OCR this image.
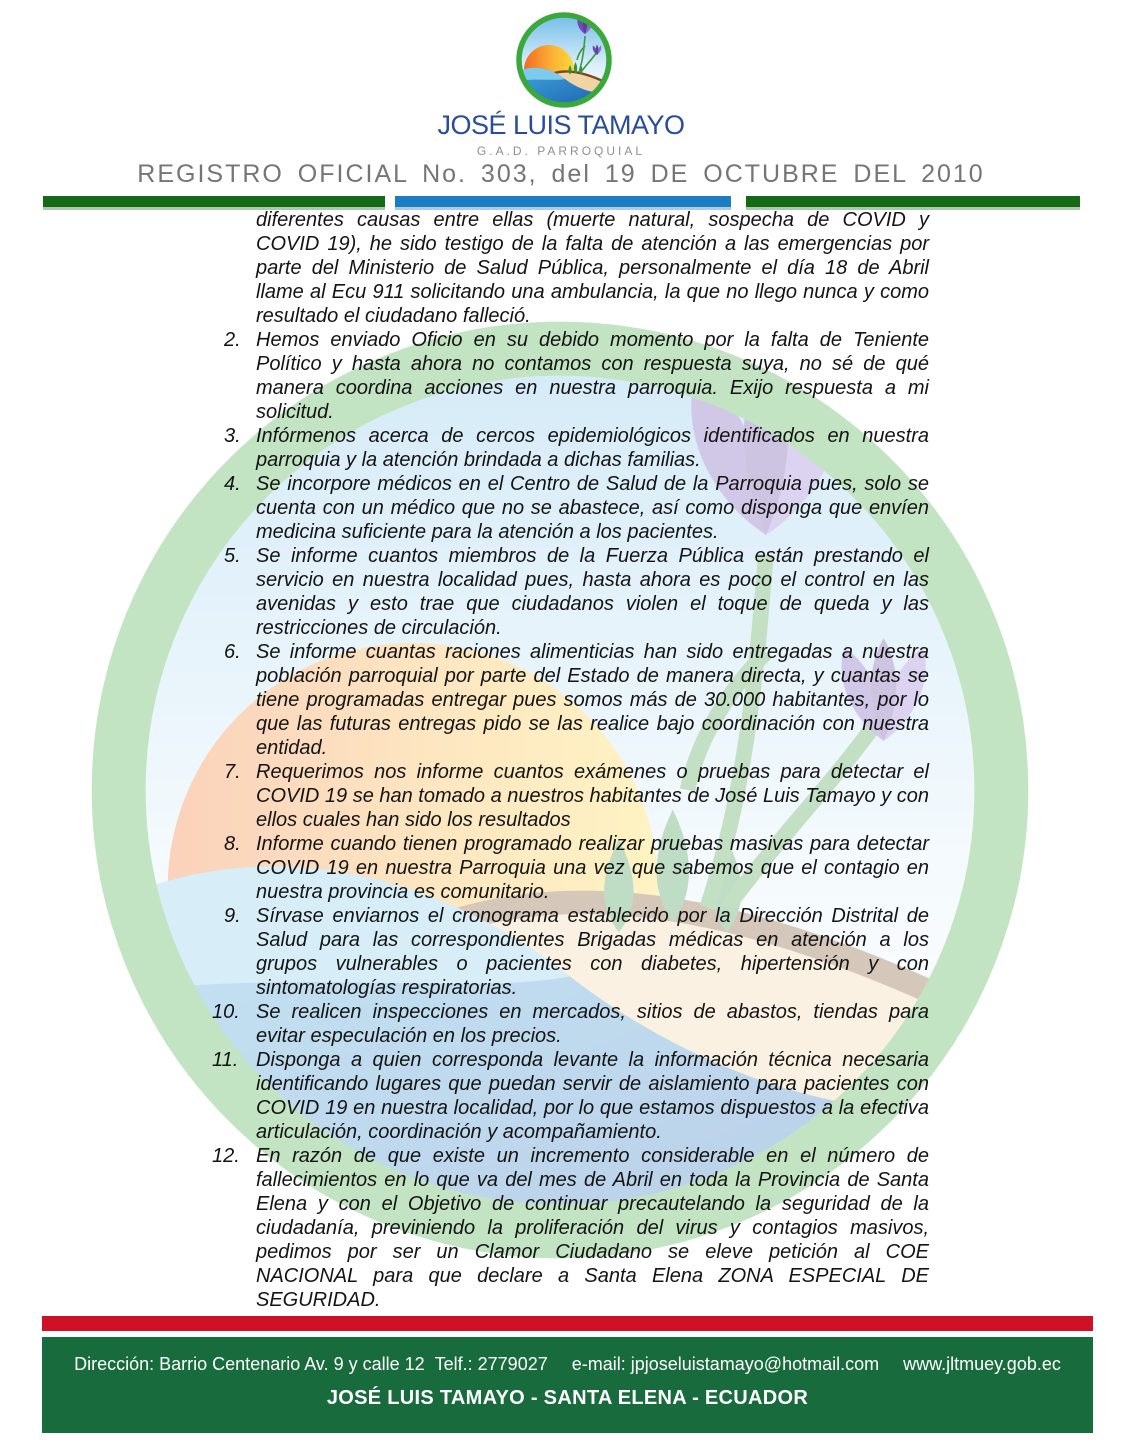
JOSÉ LUIS TAMAYO
G.A.D. PARROQUIAL
REGISTRO OFICIAL No. 303, del 19 DE OCTUBRE DEL 2010
diferentes causas entre ellas (muerte natural, sospecha de COVID y COVID 19), he sido testigo de la falta de atención a las emergencias por parte del Ministerio de Salud Pública, personalmente el día 18 de Abril llame al Ecu 911 solicitando una ambulancia, la que no llego nunca y como resultado el ciudadano falleció.
2. Hemos enviado Oficio en su debido momento por la falta de Teniente Político y hasta ahora no contamos con respuesta suya, no sé de qué manera coordina acciones en nuestra parroquia. Exijo respuesta a mi solicitud.
3. Infórmenos acerca de cercos epidemiológicos identificados en nuestra parroquia y la atención brindada a dichas familias.
4. Se incorpore médicos en el Centro de Salud de la Parroquia pues, solo se cuenta con un médico que no se abastece, así como disponga que envíen medicina suficiente para la atención a los pacientes.
5. Se informe cuantos miembros de la Fuerza Pública están prestando el servicio en nuestra localidad pues, hasta ahora es poco el control en las avenidas y esto trae que ciudadanos violen el toque de queda y las restricciones de circulación.
6. Se informe cuantas raciones alimenticias han sido entregadas a nuestra población parroquial por parte del Estado de manera directa, y cuantas se tiene programadas entregar pues somos más de 30.000 habitantes, por lo que las futuras entregas pido se las realice bajo coordinación con nuestra entidad.
7. Requerimos nos informe cuantos exámenes o pruebas para detectar el COVID 19 se han tomado a nuestros habitantes de José Luis Tamayo y con ellos cuales han sido los resultados
8. Informe cuando tienen programado realizar pruebas masivas para detectar COVID 19 en nuestra Parroquia una vez que sabemos que el contagio en nuestra provincia es comunitario.
9. Sírvase enviarnos el cronograma establecido por la Dirección Distrital de Salud para las correspondientes Brigadas médicas en atención a los grupos vulnerables o pacientes con diabetes, hipertensión y con sintomatologías respiratorias.
10. Se realicen inspecciones en mercados, sitios de abastos, tiendas para evitar especulación en los precios.
11. Disponga a quien corresponda levante la información técnica necesaria identificando lugares que puedan servir de aislamiento para pacientes con COVID 19 en nuestra localidad, por lo que estamos dispuestos a la efectiva articulación, coordinación y acompañamiento.
12. En razón de que existe un incremento considerable en el número de fallecimientos en lo que va del mes de Abril en toda la Provincia de Santa Elena y con el Objetivo de continuar precautelando la seguridad de la ciudadanía, previniendo la proliferación del virus y contagios masivos, pedimos por ser un Clamor Ciudadano se eleve petición al COE NACIONAL para que declare a Santa Elena ZONA ESPECIAL DE SEGURIDAD.
Dirección: Barrio Centenario Av. 9 y calle 12 Telf.: 2779027 e-mail: jpjoseluistamayo@hotmail.com www.jltmuey.gob.ec
JOSÉ LUIS TAMAYO - SANTA ELENA - ECUADOR
